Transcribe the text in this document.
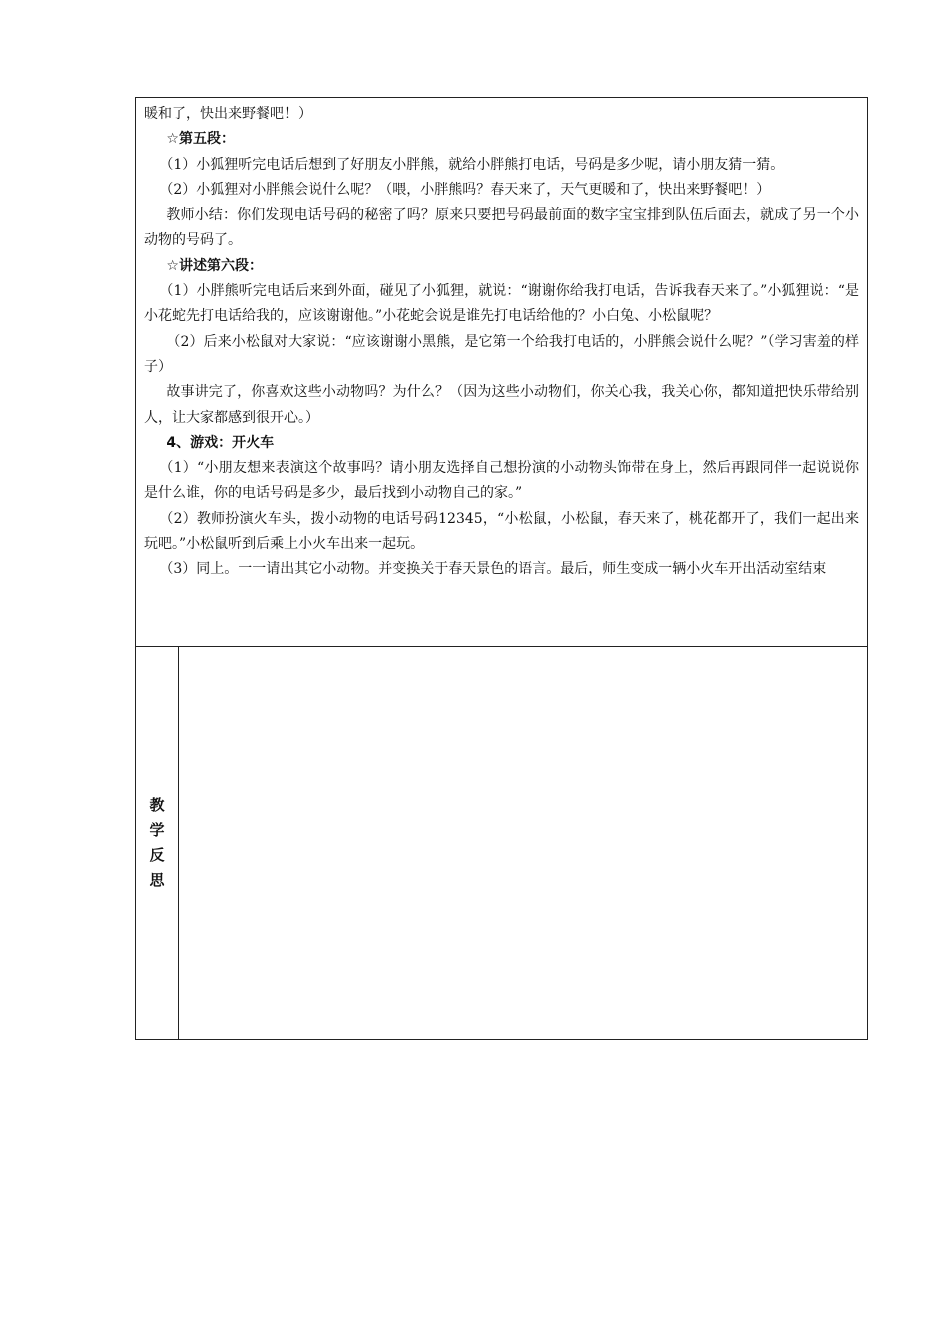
暖和了，快出来野餐吧！）

☆第五段：

（1）小狐狸听完电话后想到了好朋友小胖熊，就给小胖熊打电话，号码是多少呢，请小朋友猜一猜。

（2）小狐狸对小胖熊会说什么呢？（喂，小胖熊吗？春天来了，天气更暖和了，快出来野餐吧！）

教师小结：你们发现电话号码的秘密了吗？原来只要把号码最前面的数字宝宝排到队伍后面去，就成了另一个小动物的号码了。

☆讲述第六段：

（1）小胖熊听完电话后来到外面，碰见了小狐狸，就说：“谢谢你给我打电话，告诉我春天来了。”小狐狸说：“是小花蛇先打电话给我的，应该谢谢他。”小花蛇会说是谁先打电话给他的？小白兔、小松鼠呢？

（2）后来小松鼠对大家说：“应该谢谢小黑熊，是它第一个给我打电话的，小胖熊会说什么呢？”（学习害羞的样子）

故事讲完了，你喜欢这些小动物吗？为什么？（因为这些小动物们，你关心我，我关心你，都知道把快乐带给别人，让大家都感到很开心。）

4、游戏：开火车

（1）“小朋友想来表演这个故事吗？请小朋友选择自己想扮演的小动物头饰带在身上，然后再跟同伴一起说说你是什么谁，你的电话号码是多少，最后找到小动物自己的家。”

（2）教师扮演火车头，拨小动物的电话号码12345，“小松鼠，小松鼠，春天来了，桃花都开了，我们一起出来玩吧。”小松鼠听到后乘上小火车出来一起玩。

（3）同上。一一请出其它小动物。并变换关于春天景色的语言。最后，师生变成一辆小火车开出活动室结束

教
学
反
思
